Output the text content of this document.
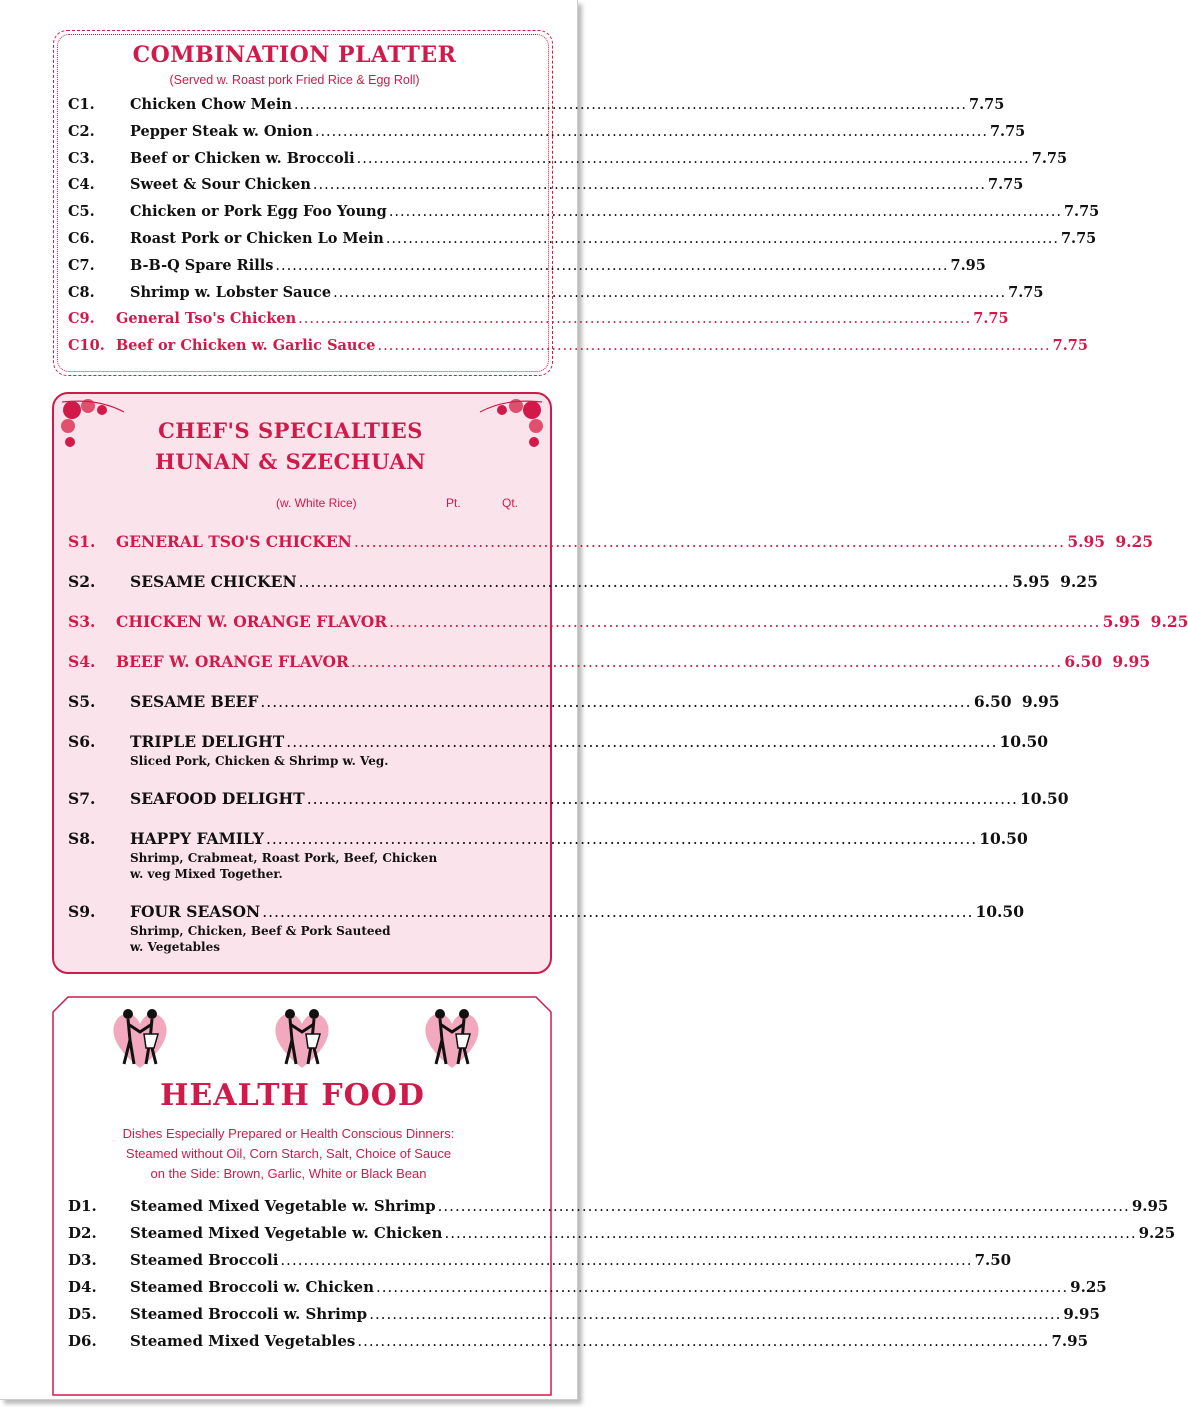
COMBINATION PLATTER
(Served w. Roast pork Fried Rice & Egg Roll)
C1.	Chicken Chow Mein ........................................................................................................................ 7.75
C2.	Pepper Steak w. Onion ........................................................................................................................ 7.75
C3.	Beef or Chicken w. Broccoli ........................................................................................................................ 7.75
C4.	Sweet & Sour Chicken ........................................................................................................................ 7.75
C5.	Chicken or Pork Egg Foo Young ........................................................................................................................ 7.75
C6.	Roast Pork or Chicken Lo Mein ........................................................................................................................ 7.75
C7.	B-B-Q Spare Rills ........................................................................................................................ 7.95
C8.	Shrimp w. Lobster Sauce ........................................................................................................................ 7.75
C9.	General Tso's Chicken ........................................................................................................................ 7.75
C10. Beef or Chicken w. Garlic Sauce ........................................................................................................................ 7.75
CHEF'S SPECIALTIES
HUNAN & SZECHUAN
(w. White Rice)	Pt.	Qt.
S1.	GENERAL TSO'S CHICKEN ........................................................................................................................ 5.95 9.25
S2.	SESAME CHICKEN ........................................................................................................................ 5.95 9.25
S3.	CHICKEN W. ORANGE FLAVOR ........................................................................................................................ 5.95 9.25
S4.	BEEF W. ORANGE FLAVOR ........................................................................................................................ 6.50 9.95
S5.	SESAME BEEF ........................................................................................................................ 6.50 9.95
S6.	TRIPLE DELIGHT ........................................................................................................................ 10.50
Sliced Pork, Chicken & Shrimp w. Veg.
S7.	SEAFOOD DELIGHT ........................................................................................................................ 10.50
S8.	HAPPY FAMILY ........................................................................................................................ 10.50
Shrimp, Crabmeat, Roast Pork, Beef, Chicken
w. veg Mixed Together.
S9.	FOUR SEASON ........................................................................................................................ 10.50
Shrimp, Chicken, Beef & Pork Sauteed
w. Vegetables
HEALTH FOOD
Dishes Especially Prepared or Health Conscious Dinners:
Steamed without Oil, Corn Starch, Salt, Choice of Sauce
on the Side: Brown, Garlic, White or Black Bean
D1.	Steamed Mixed Vegetable w. Shrimp ........................................................................................................................ 9.95
D2.	Steamed Mixed Vegetable w. Chicken ........................................................................................................................ 9.25
D3.	Steamed Broccoli ........................................................................................................................ 7.50
D4.	Steamed Broccoli w. Chicken ........................................................................................................................ 9.25
D5.	Steamed Broccoli w. Shrimp ........................................................................................................................ 9.95
D6.	Steamed Mixed Vegetables ........................................................................................................................ 7.95
